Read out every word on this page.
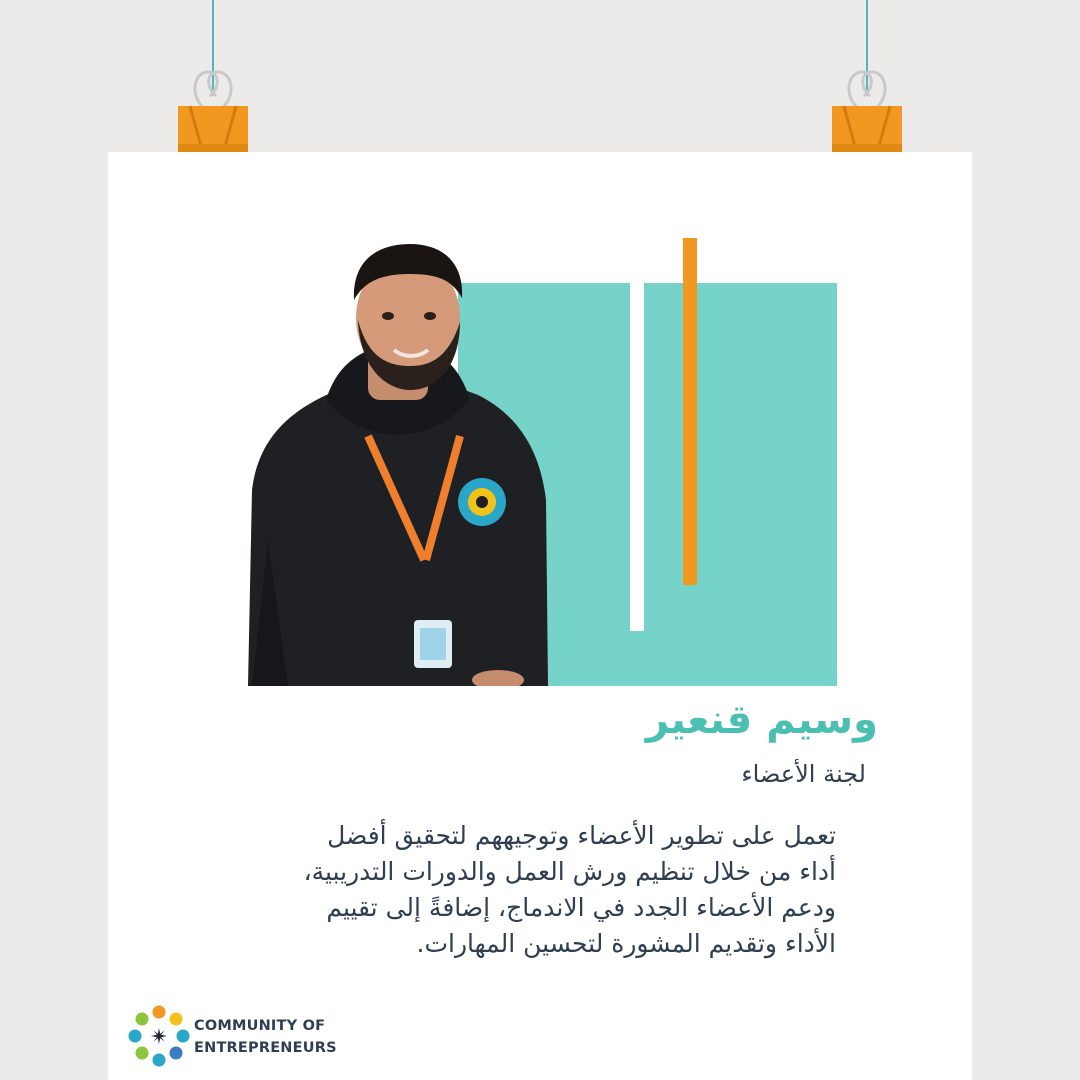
وسيم قنعير
لجنة الأعضاء
تعمل على تطوير الأعضاء وتوجيههم لتحقيق أفضل
أداء من خلال تنظيم ورش العمل والدورات التدريبية،
ودعم الأعضاء الجدد في الاندماج، إضافةً إلى تقييم
الأداء وتقديم المشورة لتحسين المهارات.
COMMUNITY OF
ENTREPRENEURS
